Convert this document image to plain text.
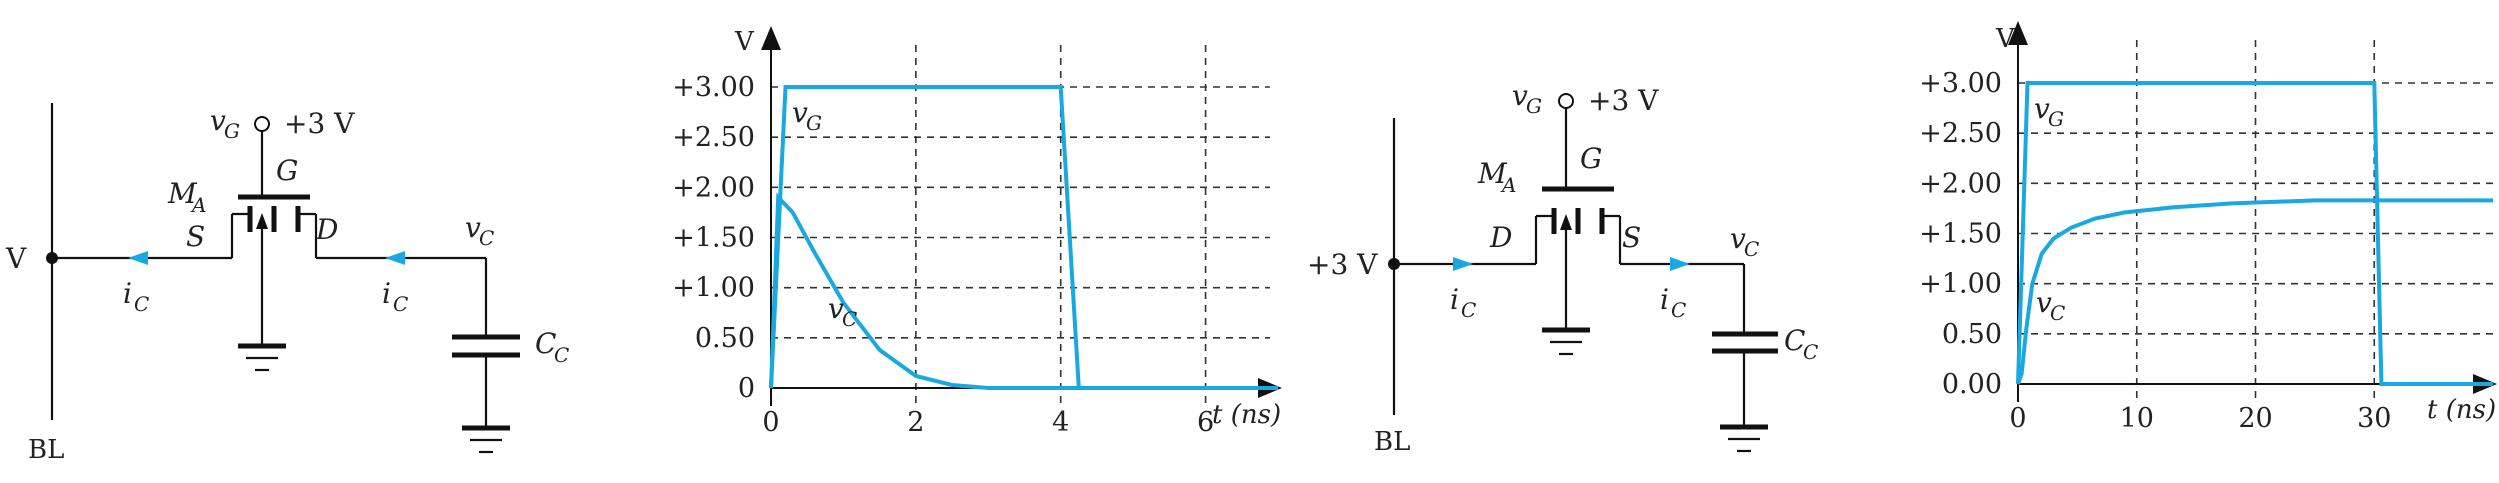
V
BL
i C
v
G +3 V
G
M
A
S	D
i C
v
C
C
C
0
0.50
+1.00
+1.50
+2.00
+2.50
+3.00
0	2	4	6
V
t (ns)
v
G
v
C
+3 V
BL
i C
v
G +3 V
G
M
A
D	S
i C
v
C
C
C
0.00
0.50
+1.00
+1.50
+2.00
+2.50
+3.00
0	10	20	30
V
t (ns)
v
G
v
C
